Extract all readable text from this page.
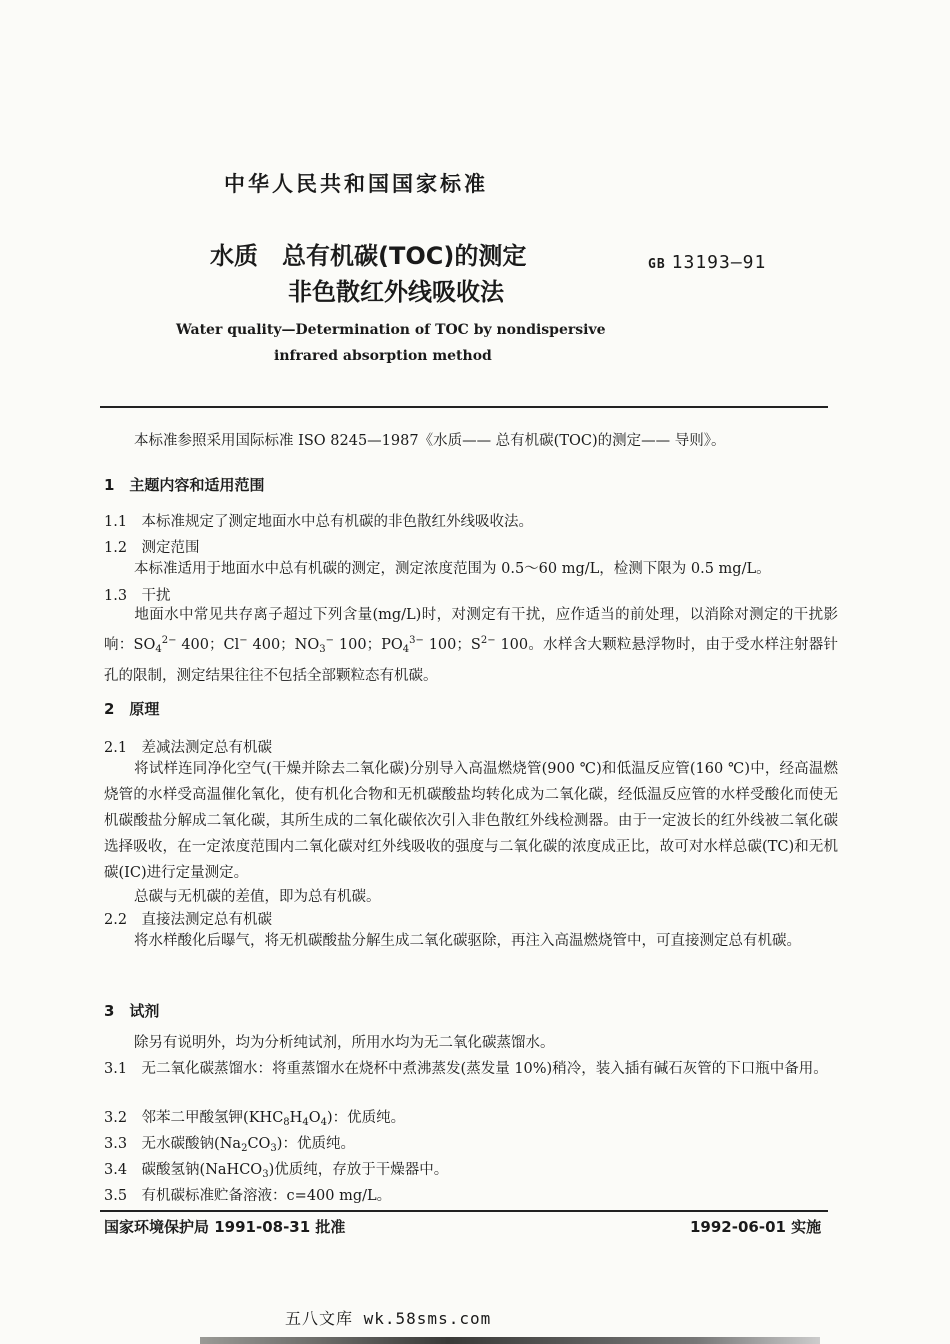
中华人民共和国国家标准
水质　总有机碳(TOC)的测定
非色散红外线吸收法
GB 13193—91
Water quality—Determination of TOC by nondispersive
infrared absorption method
本标准参照采用国际标准 ISO 8245—1987《水质—— 总有机碳(TOC)的测定—— 导则》。
1　主题内容和适用范围
1.1　本标准规定了测定地面水中总有机碳的非色散红外线吸收法。
1.2　测定范围
本标准适用于地面水中总有机碳的测定，测定浓度范围为 0.5～60 mg/L，检测下限为 0.5 mg/L。
1.3　干扰
地面水中常见共存离子超过下列含量(mg/L)时，对测定有干扰，应作适当的前处理，以消除对测定的干扰影响：$SO_4^{2-}$ 400；Cl− 400；$NO_3^-$ 100；$PO_4^{3-}$ 100；$S^{2-}$ 100。水样含大颗粒悬浮物时，由于受水样注射器针孔的限制，测定结果往往不包括全部颗粒态有机碳。
2　原理
2.1　差减法测定总有机碳
将试样连同净化空气(干燥并除去二氧化碳)分别导入高温燃烧管(900 ℃)和低温反应管(160 ℃)中，经高温燃烧管的水样受高温催化氧化，使有机化合物和无机碳酸盐均转化成为二氧化碳，经低温反应管的水样受酸化而使无机碳酸盐分解成二氧化碳，其所生成的二氧化碳依次引入非色散红外线检测器。由于一定波长的红外线被二氧化碳选择吸收，在一定浓度范围内二氧化碳对红外线吸收的强度与二氧化碳的浓度成正比，故可对水样总碳(TC)和无机碳(IC)进行定量测定。
总碳与无机碳的差值，即为总有机碳。
2.2　直接法测定总有机碳
将水样酸化后曝气，将无机碳酸盐分解生成二氧化碳驱除，再注入高温燃烧管中，可直接测定总有机碳。
3　试剂
除另有说明外，均为分析纯试剂，所用水均为无二氧化碳蒸馏水。
3.1　无二氧化碳蒸馏水：将重蒸馏水在烧杯中煮沸蒸发(蒸发量 10%)稍冷，装入插有碱石灰管的下口瓶中备用。
3.2　邻苯二甲酸氢钾$(KHC_8H_4O_4)$：优质纯。
3.3　无水碳酸钠$(Na_2CO_3)$：优质纯。
3.4　碳酸氢钠(NaHCO$_3$)优质纯，存放于干燥器中。
3.5　有机碳标准贮备溶液：c=400 mg/L。
国家环境保护局 1991-08-31 批准	1992-06-01 实施
五八文库 wk.58sms.com
